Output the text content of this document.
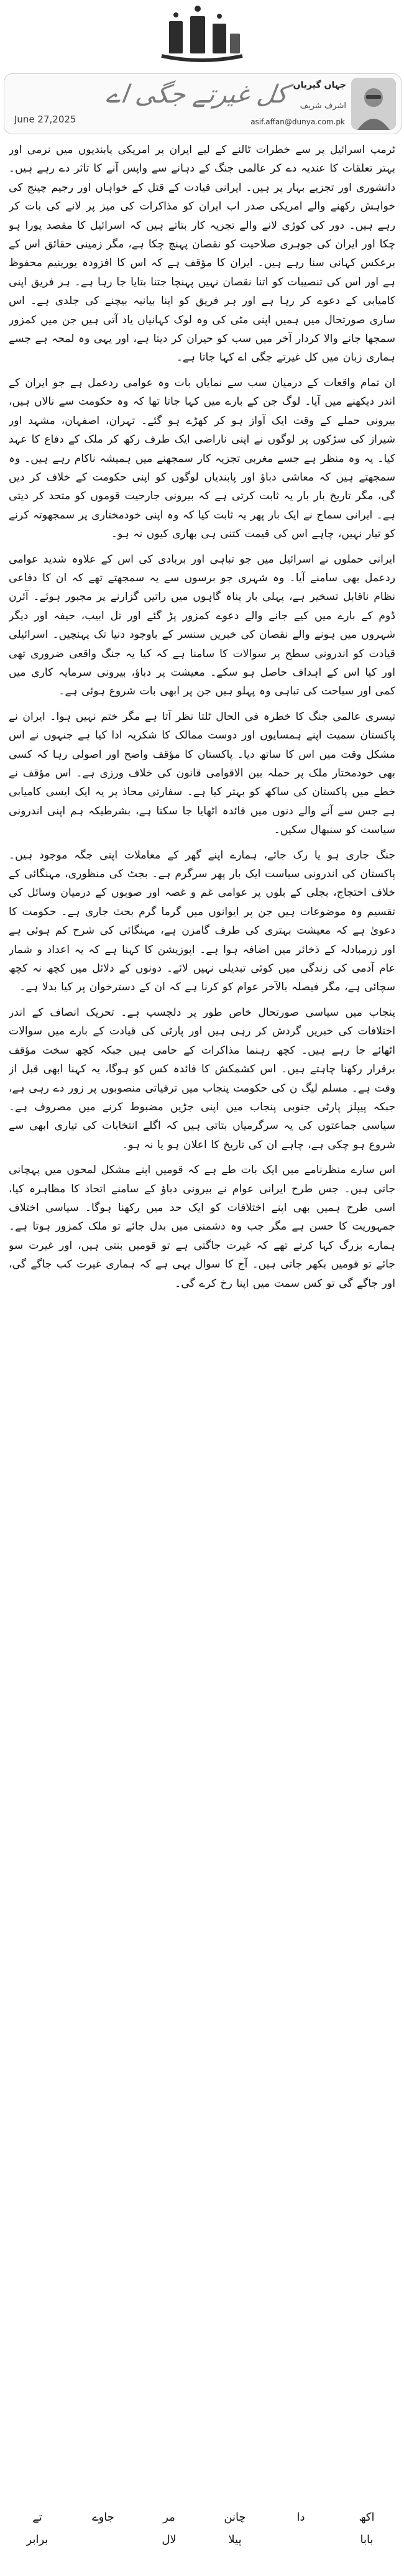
June 27,2025
کل غیرتے جگی اے جہاں گیریاں
اشرف شریف
asif.affan@dunya.com.pk

ٹرمپ اسرائیل پر سے خطرات ٹالنے کے لیے ایران پر امریکی پابندیوں میں نرمی اور بہتر تعلقات کا عندیہ دے کر عالمی جنگ کے دہانے سے واپس آنے کا تاثر دے رہے ہیں۔ دانشوری اور تجزیے بہار پر ہیں۔ ایرانی قیادت کے قتل کے خواہاں اور رجیم چینج کی خواہش رکھنے والے امریکی صدر اب ایران کو مذاکرات کی میز پر لانے کی بات کر رہے ہیں۔ دور کی کوڑی لانے والے تجزیہ کار بتاتے ہیں کہ اسرائیل کا مقصد پورا ہو چکا اور ایران کی جوہری صلاحیت کو نقصان پہنچ چکا ہے، مگر زمینی حقائق اس کے برعکس کہانی سنا رہے ہیں۔ ایران کا مؤقف ہے کہ اس کا افزودہ یورینیم محفوظ ہے اور اس کی تنصیبات کو اتنا نقصان نہیں پہنچا جتنا بتایا جا رہا ہے۔ ہر فریق اپنی کامیابی کے دعوے کر رہا ہے اور ہر فریق کو اپنا بیانیہ بیچنے کی جلدی ہے۔ اس ساری صورتحال میں ہمیں اپنی مٹی کی وہ لوک کہانیاں یاد آتی ہیں جن میں کمزور سمجھا جانے والا کردار آخر میں سب کو حیران کر دیتا ہے، اور یہی وہ لمحہ ہے جسے ہماری زبان میں کل غیرتے جگی اے کہا جاتا ہے۔

ان تمام واقعات کے درمیان سب سے نمایاں بات وہ عوامی ردعمل ہے جو ایران کے اندر دیکھنے میں آیا۔ لوگ جن کے بارے میں کہا جاتا تھا کہ وہ حکومت سے نالاں ہیں، بیرونی حملے کے وقت ایک آواز ہو کر کھڑے ہو گئے۔ تہران، اصفہان، مشہد اور شیراز کی سڑکوں پر لوگوں نے اپنی ناراضی ایک طرف رکھ کر ملک کے دفاع کا عہد کیا۔ یہ وہ منظر ہے جسے مغربی تجزیہ کار سمجھنے میں ہمیشہ ناکام رہے ہیں۔ وہ سمجھتے ہیں کہ معاشی دباؤ اور پابندیاں لوگوں کو اپنی حکومت کے خلاف کر دیں گی، مگر تاریخ بار بار یہ ثابت کرتی ہے کہ بیرونی جارحیت قوموں کو متحد کر دیتی ہے۔ ایرانی سماج نے ایک بار پھر یہ ثابت کیا کہ وہ اپنی خودمختاری پر سمجھوتہ کرنے کو تیار نہیں، چاہے اس کی قیمت کتنی ہی بھاری کیوں نہ ہو۔

ایرانی حملوں نے اسرائیل میں جو تباہی اور بربادی کی اس کے علاوہ شدید عوامی ردعمل بھی سامنے آیا۔ وہ شہری جو برسوں سے یہ سمجھتے تھے کہ ان کا دفاعی نظام ناقابل تسخیر ہے، پہلی بار پناہ گاہوں میں راتیں گزارنے پر مجبور ہوئے۔ آئرن ڈوم کے بارے میں کیے جانے والے دعوے کمزور پڑ گئے اور تل ابیب، حیفہ اور دیگر شہروں میں ہونے والے نقصان کی خبریں سنسر کے باوجود دنیا تک پہنچیں۔ اسرائیلی قیادت کو اندرونی سطح پر سوالات کا سامنا ہے کہ کیا یہ جنگ واقعی ضروری تھی اور کیا اس کے اہداف حاصل ہو سکے۔ معیشت پر دباؤ، بیرونی سرمایہ کاری میں کمی اور سیاحت کی تباہی وہ پہلو ہیں جن پر ابھی بات شروع ہوئی ہے۔

تیسری عالمی جنگ کا خطرہ فی الحال ٹلتا نظر آتا ہے مگر ختم نہیں ہوا۔ ایران نے پاکستان سمیت اپنے ہمسایوں اور دوست ممالک کا شکریہ ادا کیا ہے جنہوں نے اس مشکل وقت میں اس کا ساتھ دیا۔ پاکستان کا مؤقف واضح اور اصولی رہا کہ کسی بھی خودمختار ملک پر حملہ بین الاقوامی قانون کی خلاف ورزی ہے۔ اس مؤقف نے خطے میں پاکستان کی ساکھ کو بہتر کیا ہے۔ سفارتی محاذ پر یہ ایک ایسی کامیابی ہے جس سے آنے والے دنوں میں فائدہ اٹھایا جا سکتا ہے، بشرطیکہ ہم اپنی اندرونی سیاست کو سنبھال سکیں۔

جنگ جاری ہو یا رک جائے، ہمارے اپنے گھر کے معاملات اپنی جگہ موجود ہیں۔ پاکستان کی اندرونی سیاست ایک بار پھر سرگرم ہے۔ بجٹ کی منظوری، مہنگائی کے خلاف احتجاج، بجلی کے بلوں پر عوامی غم و غصہ اور صوبوں کے درمیان وسائل کی تقسیم وہ موضوعات ہیں جن پر ایوانوں میں گرما گرم بحث جاری ہے۔ حکومت کا دعویٰ ہے کہ معیشت بہتری کی طرف گامزن ہے، مہنگائی کی شرح کم ہوئی ہے اور زرمبادلہ کے ذخائر میں اضافہ ہوا ہے۔ اپوزیشن کا کہنا ہے کہ یہ اعداد و شمار عام آدمی کی زندگی میں کوئی تبدیلی نہیں لائے۔ دونوں کے دلائل میں کچھ نہ کچھ سچائی ہے، مگر فیصلہ بالآخر عوام کو کرنا ہے کہ ان کے دسترخوان پر کیا بدلا ہے۔

پنجاب میں سیاسی صورتحال خاص طور پر دلچسپ ہے۔ تحریک انصاف کے اندر اختلافات کی خبریں گردش کر رہی ہیں اور پارٹی کی قیادت کے بارے میں سوالات اٹھائے جا رہے ہیں۔ کچھ رہنما مذاکرات کے حامی ہیں جبکہ کچھ سخت مؤقف برقرار رکھنا چاہتے ہیں۔ اس کشمکش کا فائدہ کس کو ہوگا، یہ کہنا ابھی قبل از وقت ہے۔ مسلم لیگ ن کی حکومت پنجاب میں ترقیاتی منصوبوں پر زور دے رہی ہے، جبکہ پیپلز پارٹی جنوبی پنجاب میں اپنی جڑیں مضبوط کرنے میں مصروف ہے۔ سیاسی جماعتوں کی یہ سرگرمیاں بتاتی ہیں کہ اگلے انتخابات کی تیاری ابھی سے شروع ہو چکی ہے، چاہے ان کی تاریخ کا اعلان ہو یا نہ ہو۔

اس سارے منظرنامے میں ایک بات طے ہے کہ قومیں اپنے مشکل لمحوں میں پہچانی جاتی ہیں۔ جس طرح ایرانی عوام نے بیرونی دباؤ کے سامنے اتحاد کا مظاہرہ کیا، اسی طرح ہمیں بھی اپنے اختلافات کو ایک حد میں رکھنا ہوگا۔ سیاسی اختلاف جمہوریت کا حسن ہے مگر جب وہ دشمنی میں بدل جائے تو ملک کمزور ہوتا ہے۔ ہمارے بزرگ کہا کرتے تھے کہ غیرت جاگتی ہے تو قومیں بنتی ہیں، اور غیرت سو جائے تو قومیں بکھر جاتی ہیں۔ آج کا سوال یہی ہے کہ ہماری غیرت کب جاگے گی، اور جاگے گی تو کس سمت میں اپنا رخ کرے گی۔

اکھ
دا
چانن
مر
جاوے
تے
بابا
پیلا
لال
برابر
